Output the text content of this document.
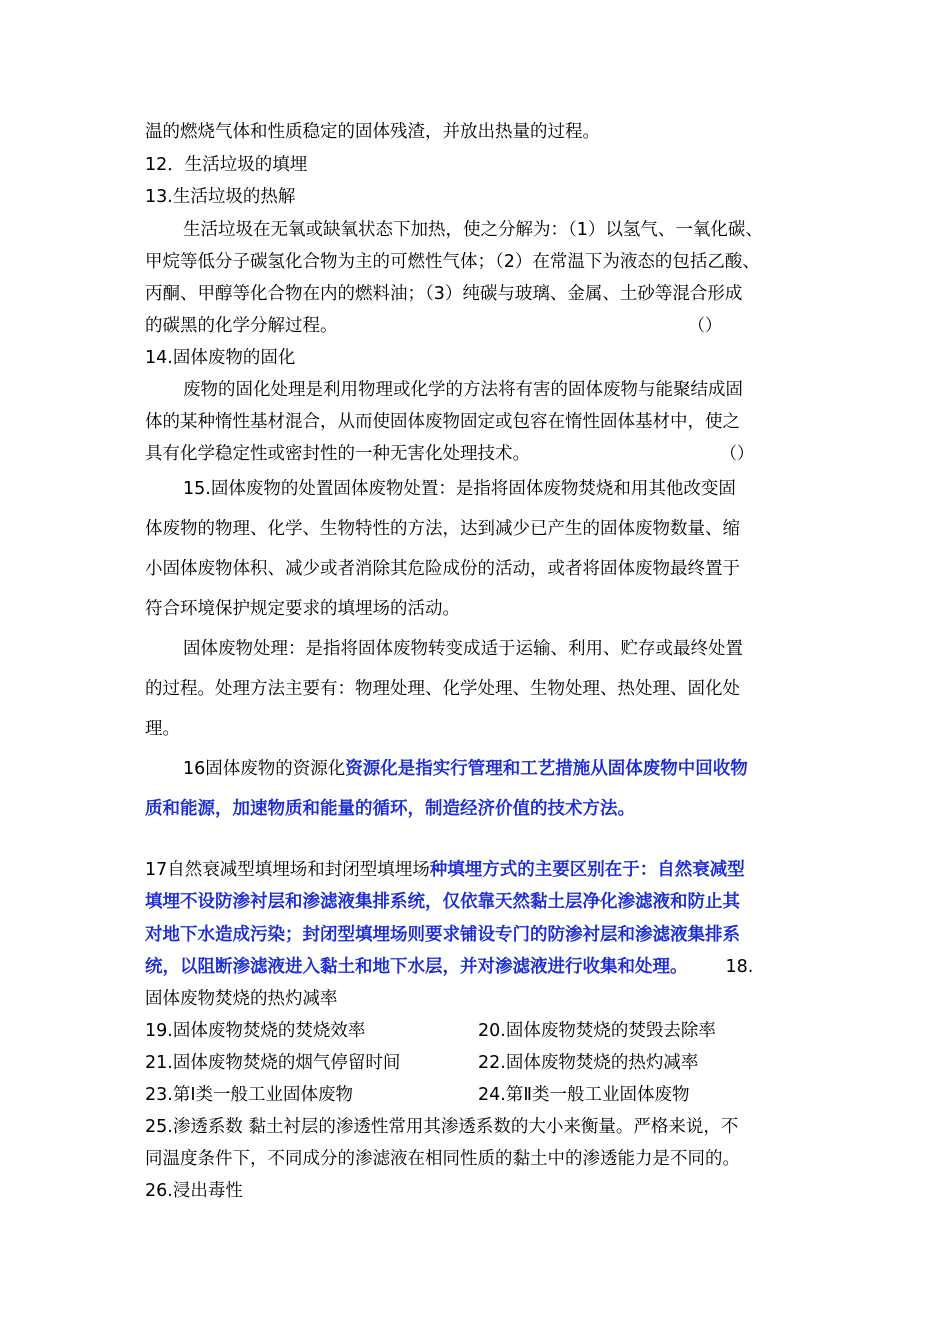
温的燃烧气体和性质稳定的固体残渣，并放出热量的过程。
12．生活垃圾的填埋
13.生活垃圾的热解
生活垃圾在无氧或缺氧状态下加热，使之分解为：（1）以氢气、一氧化碳、
甲烷等低分子碳氢化合物为主的可燃性气体；（2）在常温下为液态的包括乙酸、
丙酮、甲醇等化合物在内的燃料油；（3）纯碳与玻璃、金属、土砂等混合形成
的碳黑的化学分解过程。	（）
14.固体废物的固化
废物的固化处理是利用物理或化学的方法将有害的固体废物与能聚结成固
体的某种惰性基材混合，从而使固体废物固定或包容在惰性固体基材中，使之
具有化学稳定性或密封性的一种无害化处理技术。	（）
15.固体废物的处置固体废物处置：是指将固体废物焚烧和用其他改变固
体废物的物理、化学、生物特性的方法，达到减少已产生的固体废物数量、缩
小固体废物体积、减少或者消除其危险成份的活动，或者将固体废物最终置于
符合环境保护规定要求的填埋场的活动。
固体废物处理：是指将固体废物转变成适于运输、利用、贮存或最终处置
的过程。处理方法主要有：物理处理、化学处理、生物处理、热处理、固化处
理。
16固体废物的资源化资源化是指实行管理和工艺措施从固体废物中回收物
质和能源，加速物质和能量的循环，制造经济价值的技术方法。
17自然衰减型填埋场和封闭型填埋场种填埋方式的主要区别在于：自然衰减型
填埋不设防渗衬层和渗滤液集排系统，仅依靠天然黏土层净化渗滤液和防止其
对地下水造成污染；封闭型填埋场则要求铺设专门的防渗衬层和渗滤液集排系
统，以阻断渗滤液进入黏土和地下水层，并对渗滤液进行收集和处理。 18.
固体废物焚烧的热灼减率
19.固体废物焚烧的焚烧效率	20.固体废物焚烧的焚毁去除率
21.固体废物焚烧的烟气停留时间	22.固体废物焚烧的热灼减率
23.第Ⅰ类一般工业固体废物	24.第Ⅱ类一般工业固体废物
25.渗透系数 黏土衬层的渗透性常用其渗透系数的大小来衡量。严格来说，不
同温度条件下，不同成分的渗滤液在相同性质的黏土中的渗透能力是不同的。
26.浸出毒性
